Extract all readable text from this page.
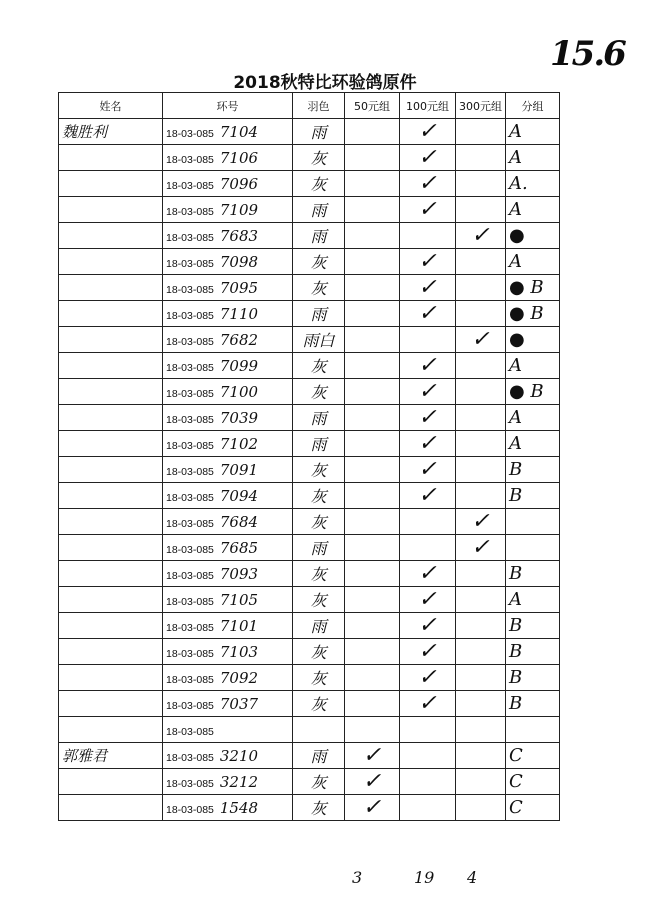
15.6
2018秋特比环验鸽原件
姓名	环号	羽色	50元组	100元组	300元组	分组
魏胜利	18-03-085 7104	雨		✓		A
	18-03-085 7106	灰		✓		A
	18-03-085 7096	灰		✓		A.
	18-03-085 7109	雨		✓		A
	18-03-085 7683	雨			✓	●
	18-03-085 7098	灰		✓		A
	18-03-085 7095	灰		✓		● B
	18-03-085 7110	雨		✓		● B
	18-03-085 7682	雨白			✓	●
	18-03-085 7099	灰		✓		A
	18-03-085 7100	灰		✓		● B
	18-03-085 7039	雨		✓		A
	18-03-085 7102	雨		✓		A
	18-03-085 7091	灰		✓		B
	18-03-085 7094	灰		✓		B
	18-03-085 7684	灰			✓	
	18-03-085 7685	雨			✓	
	18-03-085 7093	灰		✓		B
	18-03-085 7105	灰		✓		A
	18-03-085 7101	雨		✓		B
	18-03-085 7103	灰		✓		B
	18-03-085 7092	灰		✓		B
	18-03-085 7037	灰		✓		B
	18-03-085					
郭雅君	18-03-085 3210	雨	✓			C
	18-03-085 3212	灰	✓			C
	18-03-085 1548	灰	✓			C
3	19 4
